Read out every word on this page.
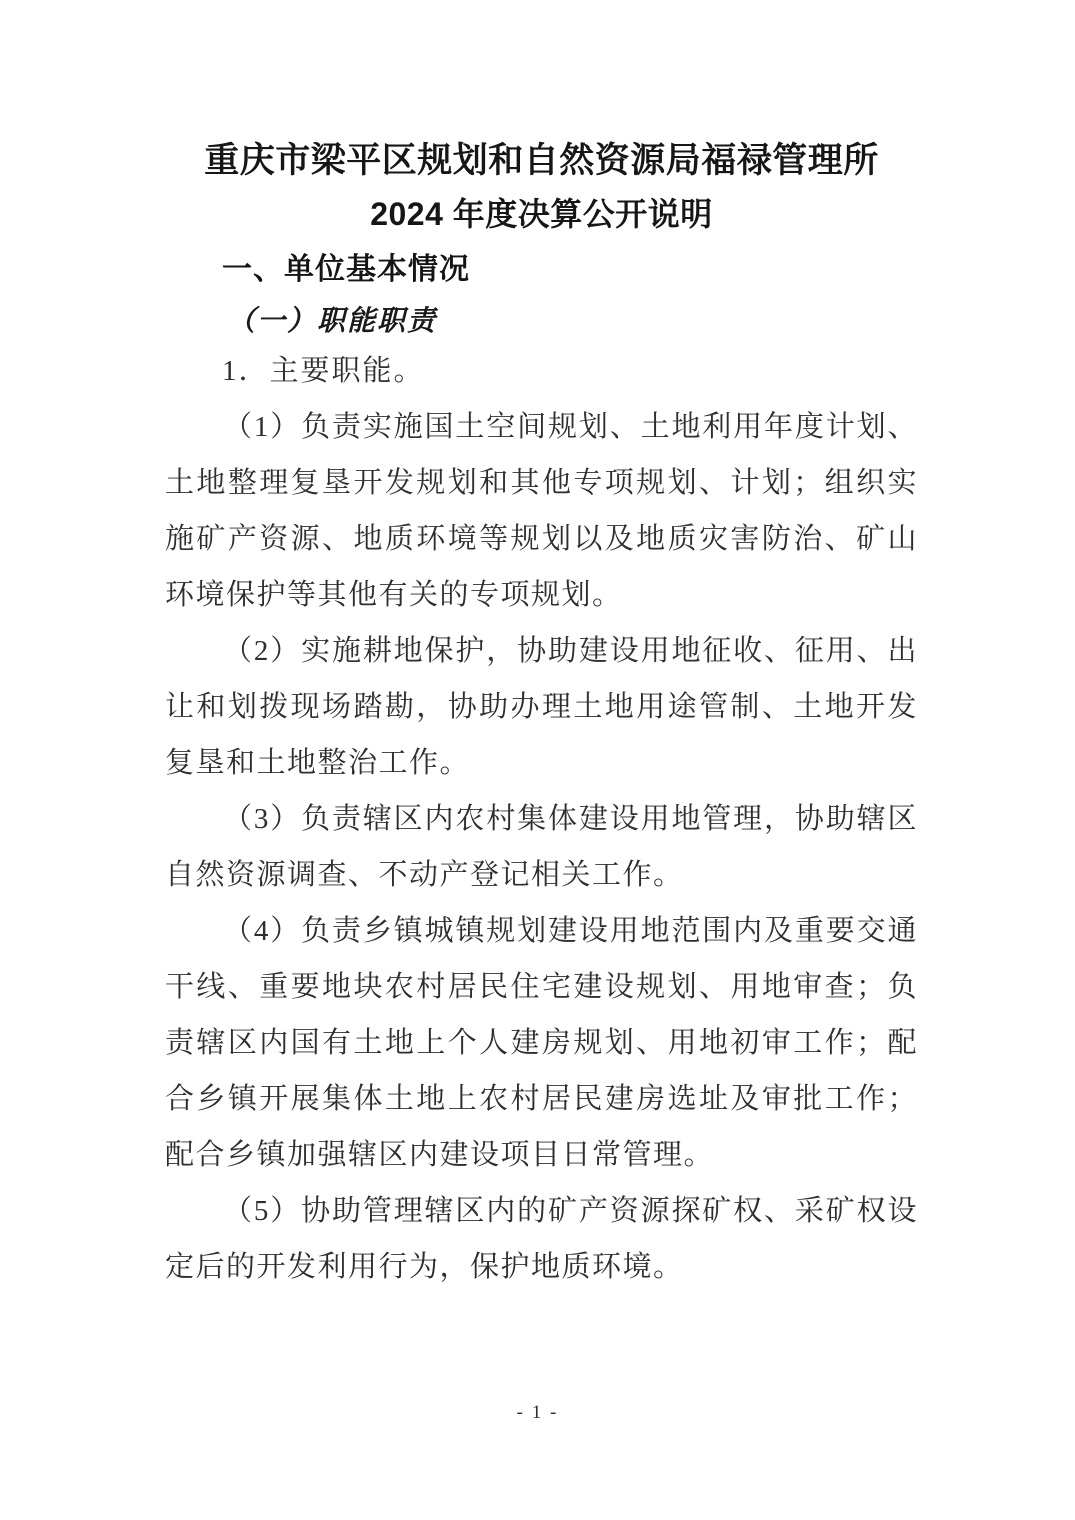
重庆市梁平区规划和自然资源局福禄管理所
2024 年度决算公开说明
一、单位基本情况
（一）职能职责

1．主要职能。

（1）负责实施国土空间规划、土地利用年度计划、土地整理复垦开发规划和其他专项规划、计划；组织实施矿产资源、地质环境等规划以及地质灾害防治、矿山环境保护等其他有关的专项规划。

（2）实施耕地保护，协助建设用地征收、征用、出让和划拨现场踏勘，协助办理土地用途管制、土地开发复垦和土地整治工作。

（3）负责辖区内农村集体建设用地管理，协助辖区自然资源调查、不动产登记相关工作。

（4）负责乡镇城镇规划建设用地范围内及重要交通干线、重要地块农村居民住宅建设规划、用地审查；负责辖区内国有土地上个人建房规划、用地初审工作；配合乡镇开展集体土地上农村居民建房选址及审批工作；配合乡镇加强辖区内建设项目日常管理。

（5）协助管理辖区内的矿产资源探矿权、采矿权设定后的开发利用行为，保护地质环境。

- 1 -
